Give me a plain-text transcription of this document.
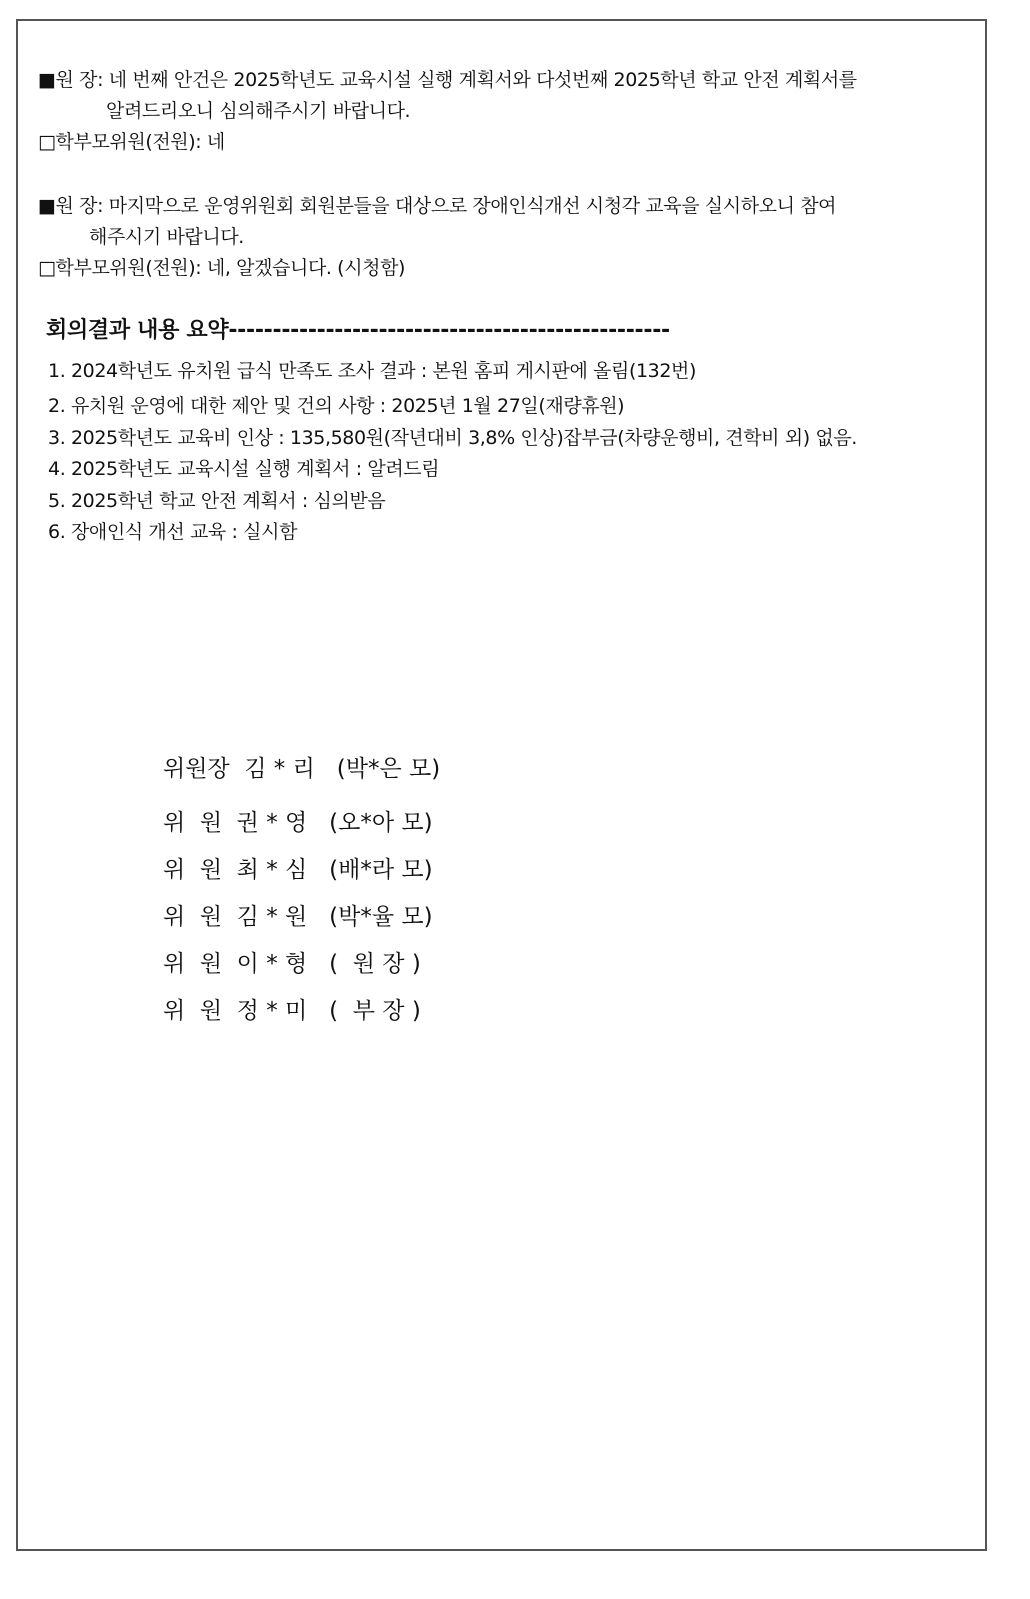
■원 장: 네 번째 안건은 2025학년도 교육시설 실행 계획서와 다섯번째 2025학년 학교 안전 계획서를
알려드리오니 심의해주시기 바랍니다.
□학부모위원(전원): 네
■원 장: 마지막으로 운영위원회 회원분들을 대상으로 장애인식개선 시청각 교육을 실시하오니 참여
해주시기 바랍니다.
□학부모위원(전원): 네, 알겠습니다. (시청함)
회의결과 내용 요약--------------------------------------------------
1. 2024학년도 유치원 급식 만족도 조사 결과 : 본원 홈피 게시판에 올림(132번)
2. 유치원 운영에 대한 제안 및 건의 사항 : 2025년 1월 27일(재량휴원)
3. 2025학년도 교육비 인상 : 135,580원(작년대비 3,8% 인상)잡부금(차량운행비, 견학비 외) 없음.
4. 2025학년도 교육시설 실행 계획서 : 알려드림
5. 2025학년 학교 안전 계획서 : 심의받음
6. 장애인식 개선 교육 : 실시함
위원장  김 * 리   (박*은 모)
위  원  권 * 영   (오*아 모)
위  원  최 * 심   (배*라 모)
위  원  김 * 원   (박*율 모)
위  원  이 * 형   (  원 장 )
위  원  정 * 미   (  부 장 )
